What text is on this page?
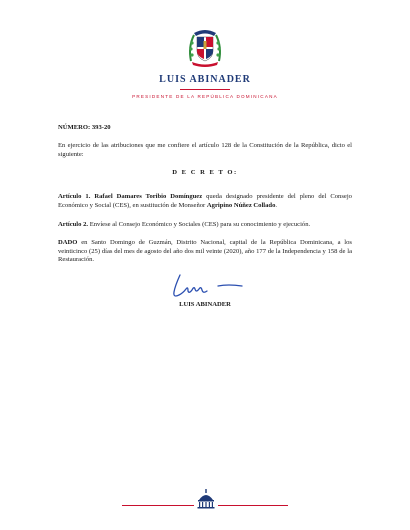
LUIS ABINADER
PRESIDENTE DE LA REPÚBLICA DOMINICANA
NÚMERO: 393-20
En ejercicio de las atribuciones que me confiere el artículo 128 de la Constitución de la República, dicto el siguiente:
D E C R E T O:
Artículo 1. Rafael Damares Toribio Domínguez queda designado presidente del pleno del Consejo Económico y Social (CES), en sustitución de Monseñor Agripino Núñez Collado.
Artículo 2. Envíese al Consejo Económico y Sociales (CES) para su conocimiento y ejecución.
DADO en Santo Domingo de Guzmán, Distrito Nacional, capital de la República Dominicana, a los veinticinco (25) días del mes de agosto del año dos mil veinte (2020), año 177 de la Independencia y 158 de la Restauración.
LUIS ABINADER
